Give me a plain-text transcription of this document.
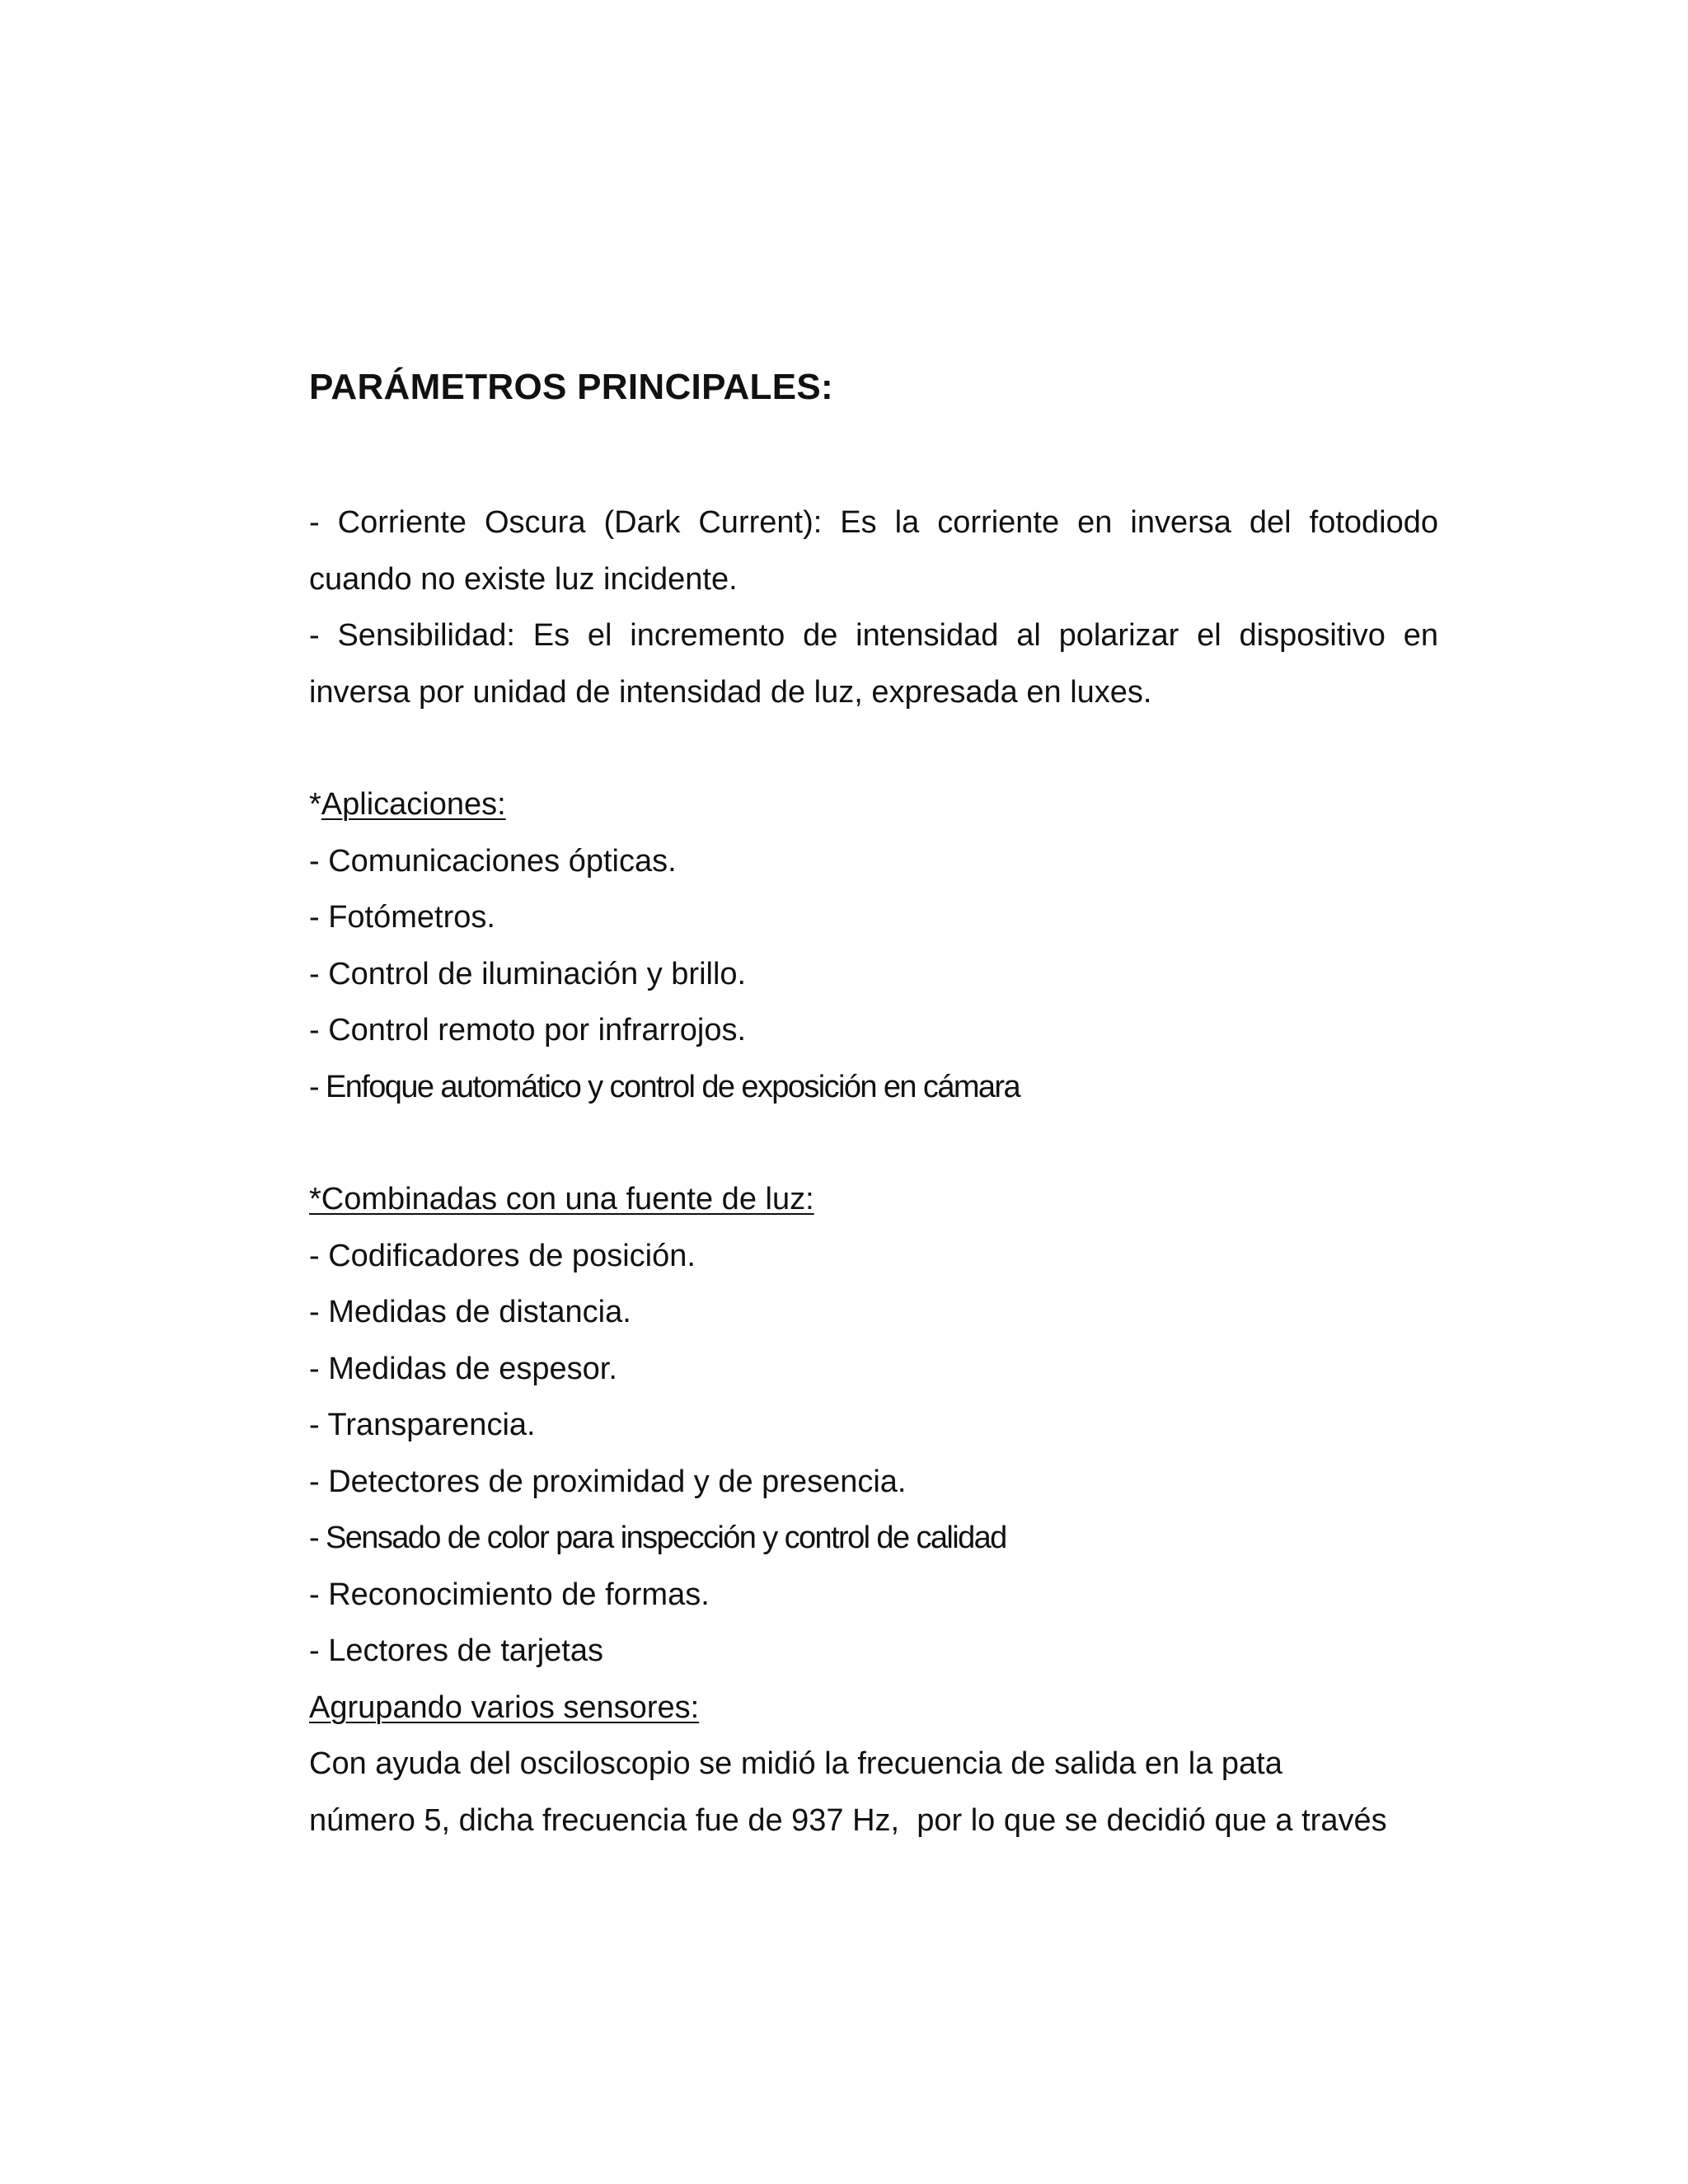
PARÁMETROS PRINCIPALES:

- Corriente Oscura (Dark Current): Es la corriente en inversa del fotodiodo cuando no existe luz incidente.

- Sensibilidad: Es el incremento de intensidad al polarizar el dispositivo en inversa por unidad de intensidad de luz, expresada en luxes.

*Aplicaciones:
- Comunicaciones ópticas.
- Fotómetros.
- Control de iluminación y brillo.
- Control remoto por infrarrojos.
- Enfoque automático y control de exposición en cámara
*Combinadas con una fuente de luz:
- Codificadores de posición.
- Medidas de distancia.
- Medidas de espesor.
- Transparencia.
- Detectores de proximidad y de presencia.
- Sensado de color para inspección y control de calidad
- Reconocimiento de formas.
- Lectores de tarjetas
Agrupando varios sensores:
Con ayuda del osciloscopio se midió la frecuencia de salida en la pata
número 5, dicha frecuencia fue de 937 Hz,  por lo que se decidió que a través
